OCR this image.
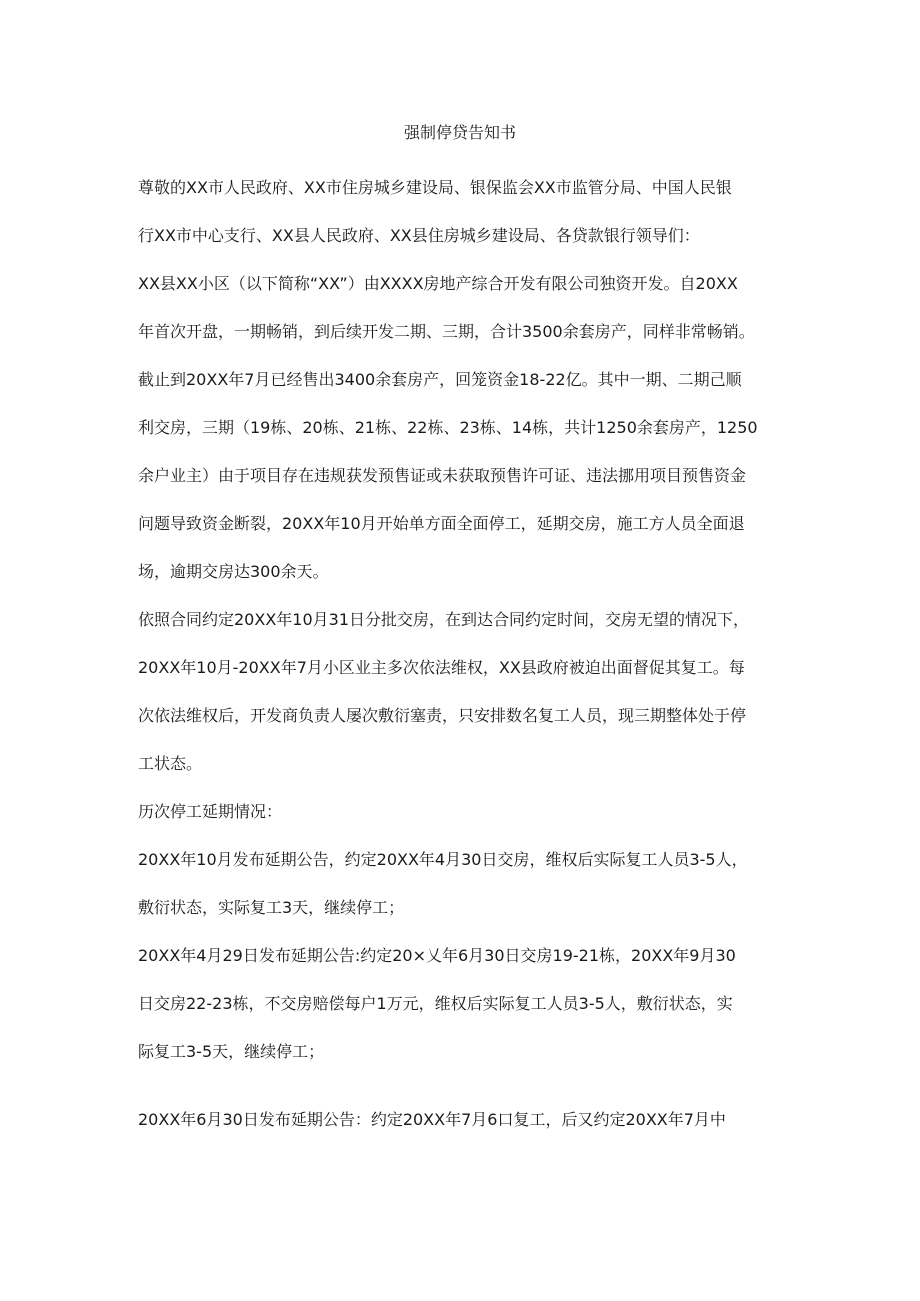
强制停贷告知书

尊敬的XX市人民政府、XX市住房城乡建设局、银保监会XX市监管分局、中国人民银

行XX市中心支行、XX县人民政府、XX县住房城乡建设局、各贷款银行领导们：

XX县XX小区（以下简称“XX”）由XXXX房地产综合开发有限公司独资开发。自20XX

年首次开盘，一期畅销，到后续开发二期、三期，合计3500余套房产，同样非常畅销。

截止到20XX年7月已经售出3400余套房产，回笼资金18-22亿。其中一期、二期己顺

利交房，三期（19栋、20栋、21栋、22栋、23栋、14栋，共计1250余套房产，1250

余户业主）由于项目存在违规获发预售证或未获取预售许可证、违法挪用项目预售资金

问题导致资金断裂，20XX年10月开始单方面全面停工，延期交房，施工方人员全面退

场，逾期交房达300余天。

依照合同约定20XX年10月31日分批交房，在到达合同约定时间，交房无望的情况下，

20XX年10月-20XX年7月小区业主多次依法维权，XX县政府被迫出面督促其复工。每

次依法维权后，开发商负责人屡次敷衍塞责，只安排数名复工人员，现三期整体处于停

工状态。

历次停工延期情况：

20XX年10月发布延期公告，约定20XX年4月30日交房，维权后实际复工人员3-5人，

敷衍状态，实际复工3天，继续停工；

20XX年4月29日发布延期公告:约定20×乂年6月30日交房19-21栋，20XX年9月30

日交房22-23栋，不交房赔偿每户1万元，维权后实际复工人员3-5人，敷衍状态，实

际复工3-5天，继续停工；

20XX年6月30日发布延期公告：约定20XX年7月6口复工，后又约定20XX年7月中
